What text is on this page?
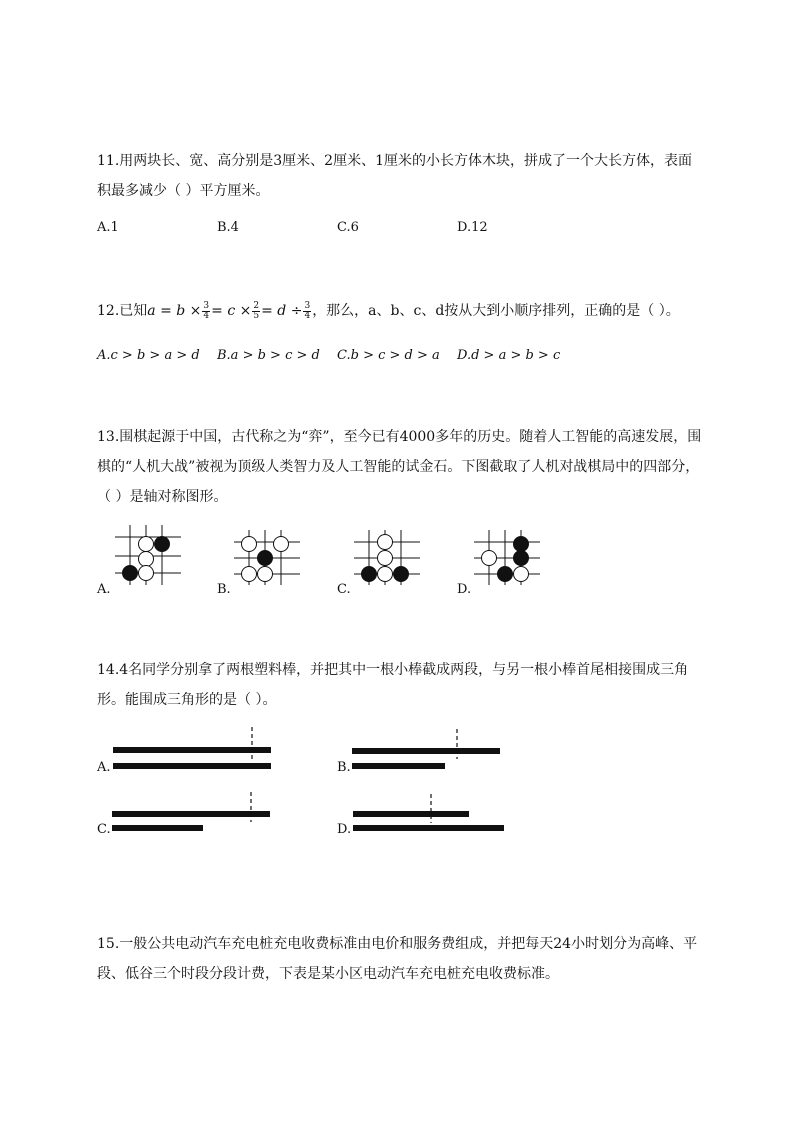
11.用两块长、宽、高分别是3厘米、2厘米、1厘米的小长方体木块，拼成了一个大长方体，表面
积最多减少（ ）平方厘米。
A.1	B.4	C.6	D.12
12.已知$a = b \times \frac{3}{4} = c \times \frac{2}{5} = d \div \frac{3}{4}$ ，那么，a、b、c、d按从大到小顺序排列，正确的是（ ）。
A.c > b > a > d B.a > b > c > d C.b > c > d > a D.d > a > b > c
13.围棋起源于中国，古代称之为“弈”，至今已有4000多年的历史。随着人工智能的高速发展，围
棋的“人机大战”被视为顶级人类智力及人工智能的试金石。下图截取了人机对战棋局中的四部分，
（ ）是轴对称图形。
A.	B.	C.	D.
14.4名同学分别拿了两根塑料棒，并把其中一根小棒截成两段，与另一根小棒首尾相接围成三角
形。能围成三角形的是（ ）。
A.	B.
C.	D.
15.一般公共电动汽车充电桩充电收费标准由电价和服务费组成，并把每天24小时划分为高峰、平
段、低谷三个时段分段计费，下表是某小区电动汽车充电桩充电收费标准。
